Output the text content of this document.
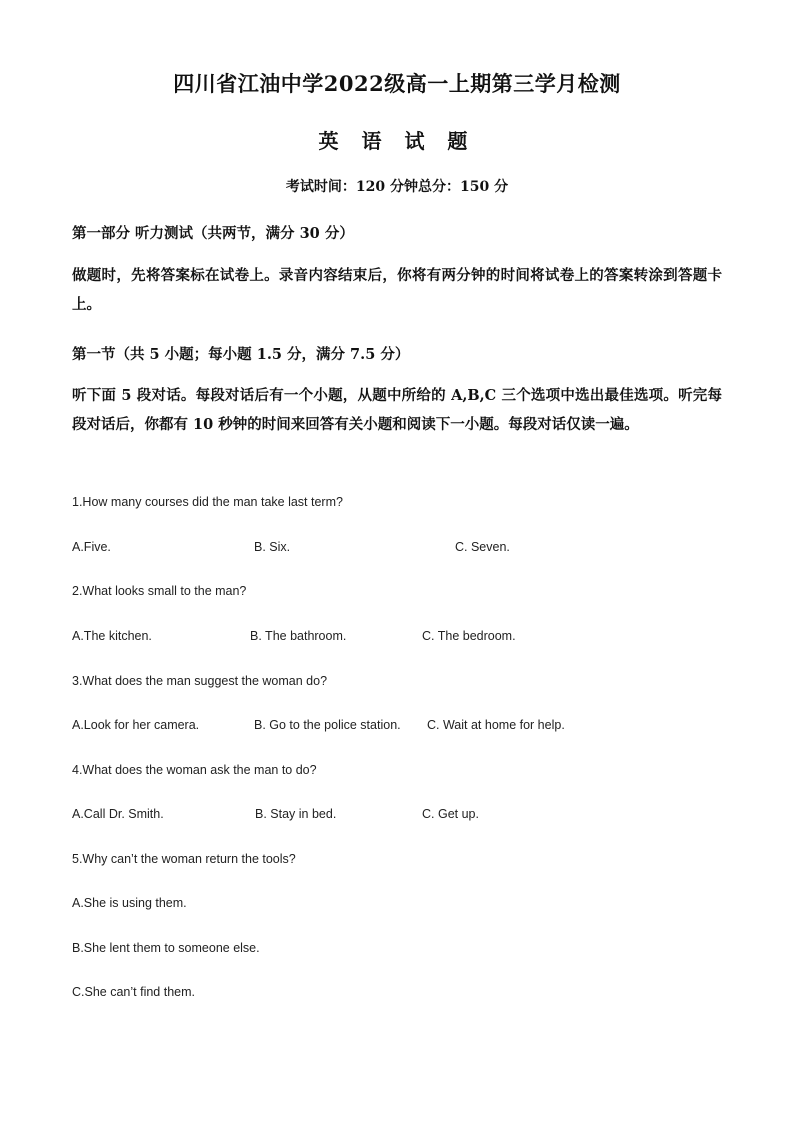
四川省江油中学2022级高一上期第三学月检测
英 语 试 题
考试时间：120 分钟总分：150 分
第一部分 听力测试（共两节，满分 30 分）
做题时，先将答案标在试卷上。录音内容结束后，你将有两分钟的时间将试卷上的答案转涂到答题卡上。
第一节（共 5 小题；每小题 1.5 分，满分 7.5 分）
听下面 5 段对话。每段对话后有一个小题，从题中所给的 A,B,C 三个选项中选出最佳选项。听完每段对话后，你都有 10 秒钟的时间来回答有关小题和阅读下一小题。每段对话仅读一遍。
1.How many courses did the man take last term?
A.Five.	B. Six.	C. Seven.
2.What looks small to the man?
A.The kitchen.	B. The bathroom.	C. The bedroom.
3.What does the man suggest the woman do?
A.Look for her camera.	B. Go to the police station. C. Wait at home for help.
4.What does the woman ask the man to do?
A.Call Dr. Smith.	B. Stay in bed.	C. Get up.
5.Why can’t the woman return the tools?
A.She is using them.
B.She lent them to someone else.
C.She can’t find them.
